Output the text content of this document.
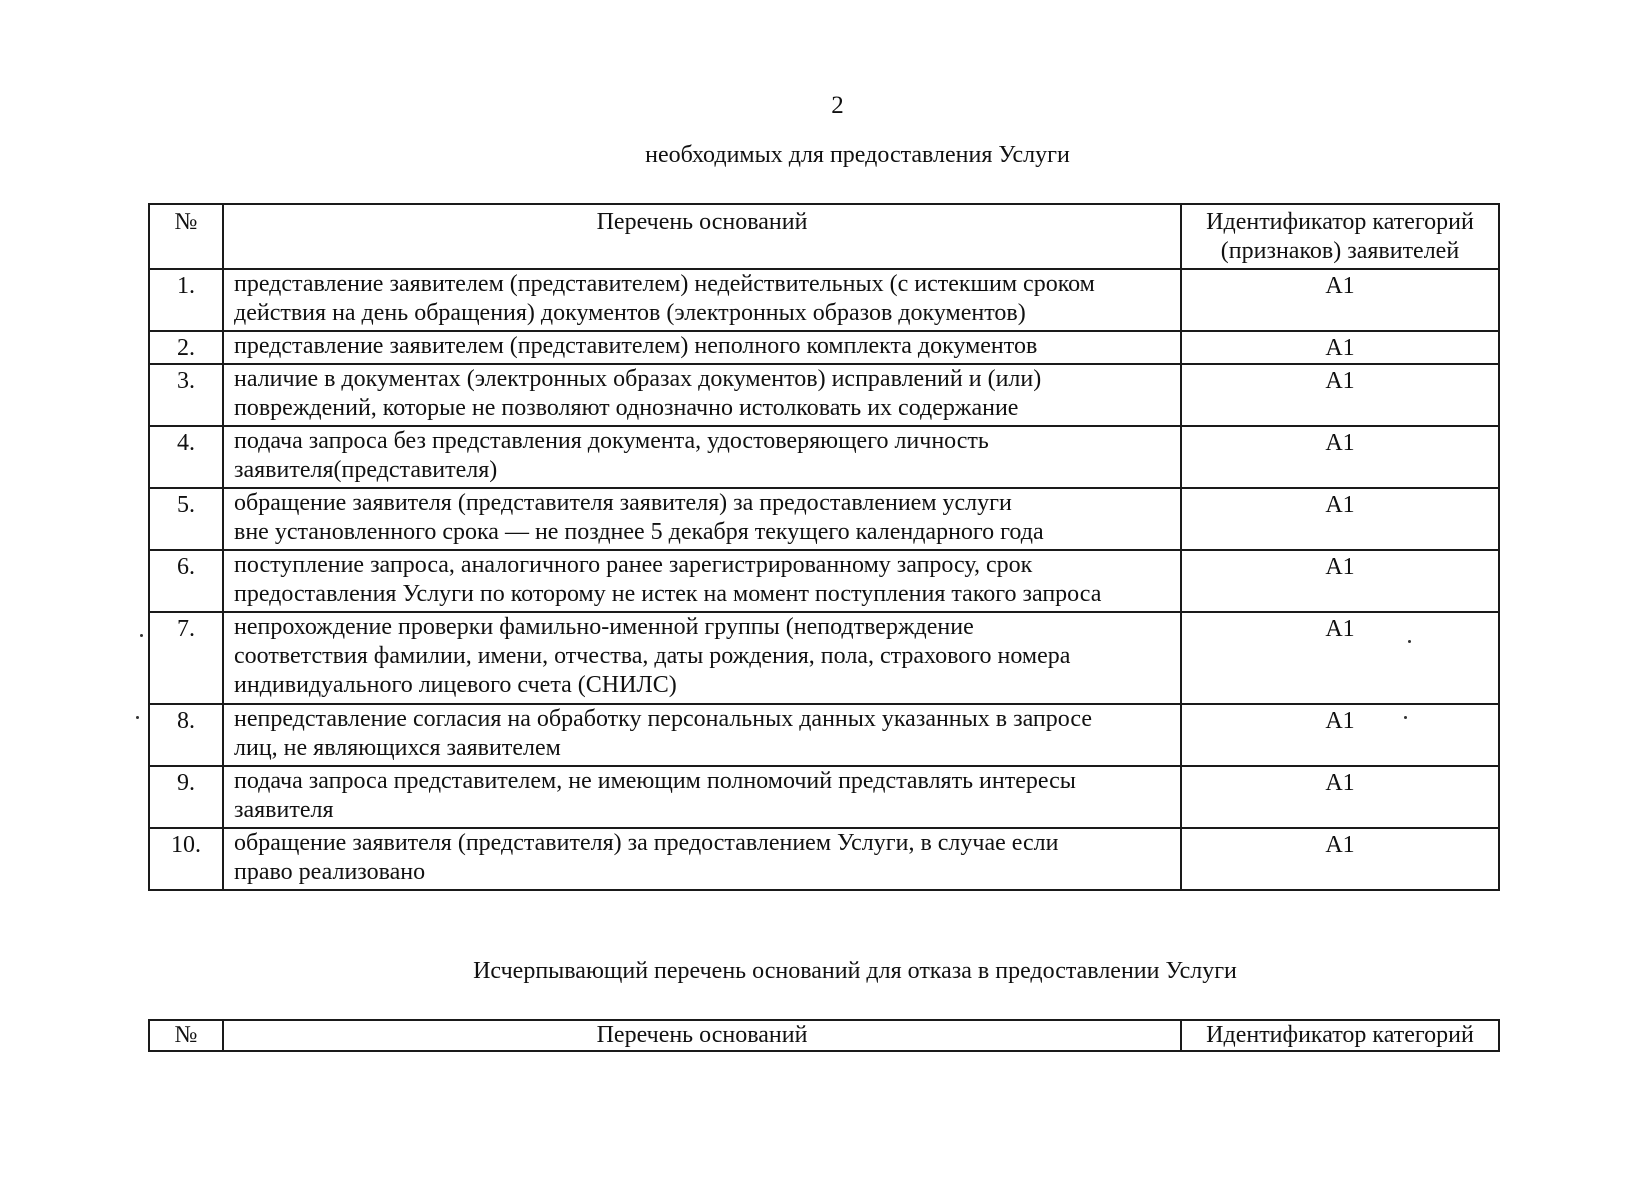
2
необходимых для предоставления Услуги
№	Перечень оснований	Идентификатор категорий
(признаков) заявителей

1.	представление заявителем (представителем) недействительных (с истекшим сроком
действия на день обращения) документов (электронных образов документов)	А1
2.	представление заявителем (представителем) неполного комплекта документов	А1
3.	наличие в документах (электронных образах документов) исправлений и (или)
повреждений, которые не позволяют однозначно истолковать их содержание	А1
4.	подача запроса без представления документа, удостоверяющего личность
заявителя(представителя)	А1
5.	обращение заявителя (представителя заявителя) за предоставлением услуги
вне установленного срока — не позднее 5 декабря текущего календарного года	А1
6.	поступление запроса, аналогичного ранее зарегистрированному запросу, срок
предоставления Услуги по которому не истек на момент поступления такого запроса	А1
7.	непрохождение проверки фамильно-именной группы (неподтверждение
соответствия фамилии, имени, отчества, даты рождения, пола, страхового номера
индивидуального лицевого счета (СНИЛС)	А1
8.	непредставление согласия на обработку персональных данных указанных в запросе
лиц, не являющихся заявителем	А1
9.	подача запроса представителем, не имеющим полномочий представлять интересы
заявителя	А1
10.	обращение заявителя (представителя) за предоставлением Услуги, в случае если
право реализовано	А1
Исчерпывающий перечень оснований для отказа в предоставлении Услуги
№	Перечень оснований	Идентификатор категорий
